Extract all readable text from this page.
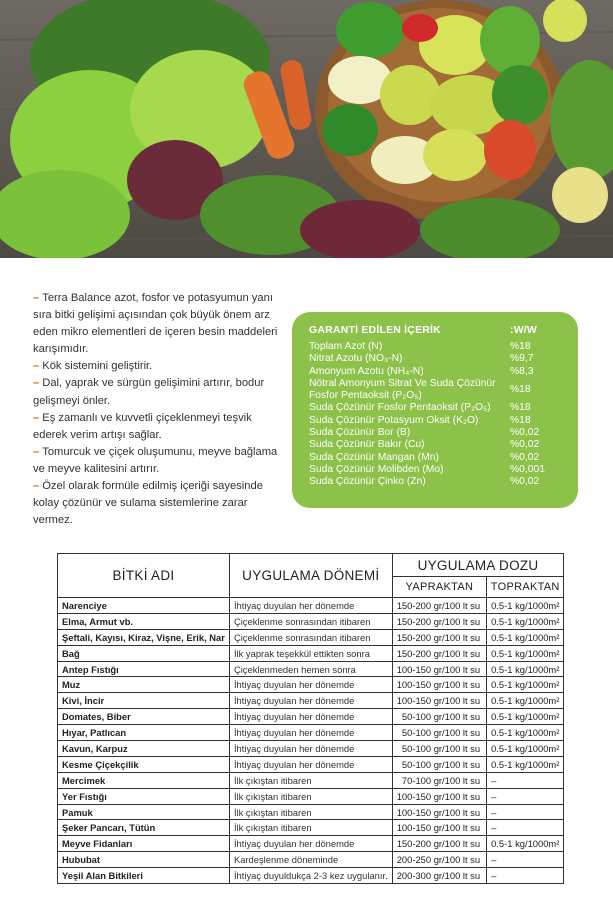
– Terra Balance azot, fosfor ve potasyumun yanı sıra bitki gelişimi açısından çok büyük önem arz eden mikro elementleri de içeren besin maddeleri karışımıdır.
– Kök sistemini geliştirir.
– Dal, yaprak ve sürgün gelişimini artırır, bodur gelişmeyi önler.
– Eş zamanlı ve kuvvetli çiçeklenmeyi teşvik ederek verim artışı sağlar.
– Tomurcuk ve çiçek oluşumunu, meyve bağlama ve meyve kalitesini artırır.
– Özel olarak formüle edilmiş içeriği sayesinde kolay çözünür ve sulama sistemlerine zarar vermez.
GARANTİ EDİLEN İÇERİK	:W/W
Toplam Azot (N)	%18
Nitrat Azotu (NO₃-N)	%9,7
Amonyum Azotu (NH₄-N)	%8,3
Nötral Amonyum Sitrat Ve Suda Çözünür Fosfor Pentaoksit (P₂O₅)
%18
Suda Çözünür Fosfor Pentaoksit (P₂O₅) %18
Suda Çözünür Potasyum Oksit (K₂O)	%18
Suda Çözünür Bor (B)	%0,02
Suda Çözünür Bakır (Cu)	%0,02
Suda Çözünür Mangan (Mn)	%0,02
Suda Çözünür Molibden (Mo)	%0,001
Suda Çözünür Çinko (Zn)	%0,02
BİTKİ ADI	UYGULAMA DÖNEMİ	UYGULAMA DOZU	
		YAPRAKTAN	TOPRAKTAN
Narenciye	İhtiyaç duyulan her dönemde	150-200 gr/100 lt su	0.5-1 kg/1000m²
Elma, Armut vb.	Çiçeklenme sonrasından itibaren	150-200 gr/100 lt su	0.5-1 kg/1000m²
Şeftali, Kayısı, Kiraz, Vişne, Erik, Nar	Çiçeklenme sonrasından itibaren	150-200 gr/100 lt su	0.5-1 kg/1000m²
Bağ	İlk yaprak teşekkül ettikten sonra	150-200 gr/100 lt su	0.5-1 kg/1000m²
Antep Fıstığı	Çiçeklenmeden hemen sonra	100-150 gr/100 lt su	0.5-1 kg/1000m²
Muz	İhtiyaç duyulan her dönemde	100-150 gr/100 lt su	0.5-1 kg/1000m²
Kivi, İncir	İhtiyaç duyulan her dönemde	100-150 gr/100 lt su	0.5-1 kg/1000m²
Domates, Biber	İhtiyaç duyulan her dönemde	50-100 gr/100 lt su	0.5-1 kg/1000m²
Hıyar, Patlıcan	İhtiyaç duyulan her dönemde	50-100 gr/100 lt su	0.5-1 kg/1000m²
Kavun, Karpuz	İhtiyaç duyulan her dönemde	50-100 gr/100 lt su	0.5-1 kg/1000m²
Kesme Çiçekçilik	İhtiyaç duyulan her dönemde	50-100 gr/100 lt su	0.5-1 kg/1000m²
Mercimek	İlk çıkıştan itibaren	70-100 gr/100 lt su	–
Yer Fıstığı	İlk çıkıştan itibaren	100-150 gr/100 lt su	–
Pamuk	İlk çıkıştan itibaren	100-150 gr/100 lt su	–
Şeker Pancarı, Tütün	İlk çıkıştan itibaren	100-150 gr/100 lt su	–
Meyve Fidanları	İhtiyaç duyulan her dönemde	150-200 gr/100 lt su	0.5-1 kg/1000m²
Hububat	Kardeşlenme döneminde	200-250 gr/100 lt su	–
Yeşil Alan Bitkileri	İhtiyaç duyuldukça 2-3 kez uygulanır.	200-300 gr/100 lt su	–
